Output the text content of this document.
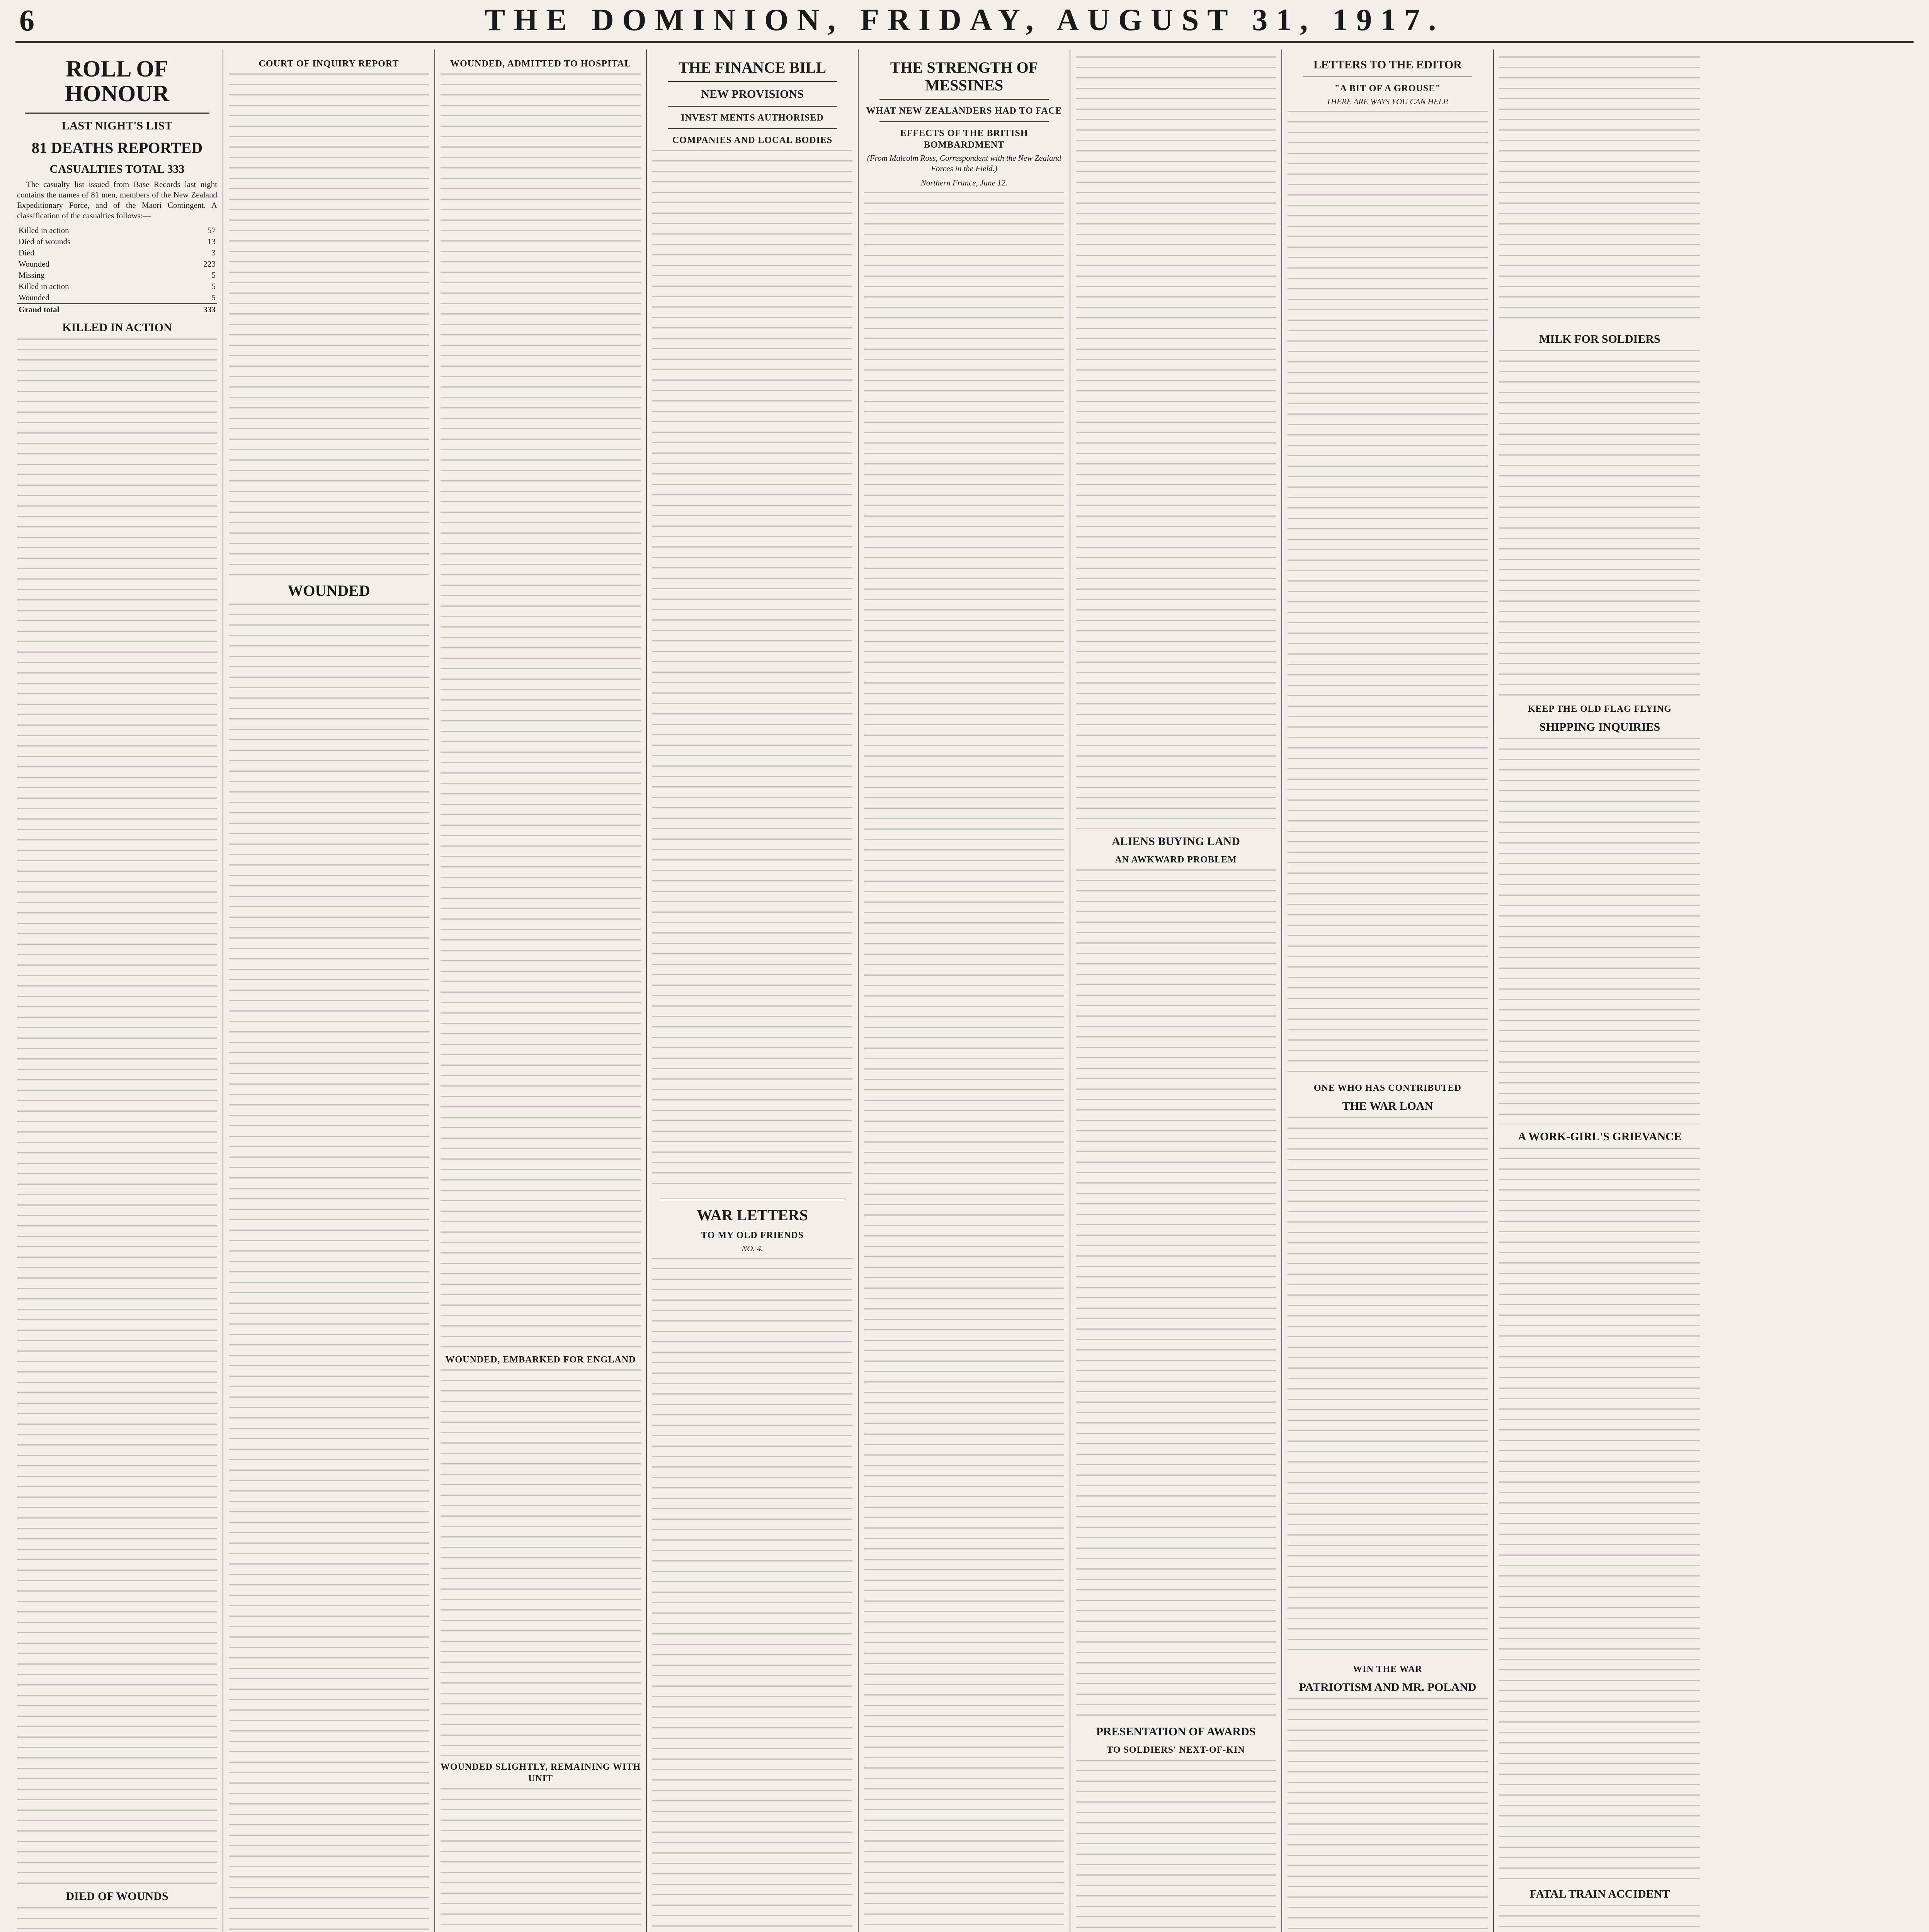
6	THE DOMINION, FRIDAY, AUGUST 31, 1917.
ROLL OF HONOUR
LAST NIGHT'S LIST
81 DEATHS REPORTED
CASUALTIES TOTAL 333

The casualty list issued from Base Records last night contains the names of 81 men, members of the New Zealand Expeditionary Force, and of the Maori Contingent. A classification of the casualties follows:—

Killed in action	57
Died of wounds	13
Died	3
Wounded	223
Missing	5
Killed in action	5
Wounded	5
Grand total	333
KILLED IN ACTION
DIED OF WOUNDS
COURT OF INQUIRY REPORT
WOUNDED
WOUNDED, ADMITTED TO HOSPITAL
WOUNDED, EMBARKED FOR ENGLAND
WOUNDED SLIGHTLY, REMAINING WITH UNIT
THE FINANCE BILL
NEW PROVISIONS
INVEST MENTS AUTHORISED
COMPANIES AND LOCAL BODIES
WAR LETTERS
TO MY OLD FRIENDS
NO. 4.
THE STRENGTH OF MESSINES
WHAT NEW ZEALANDERS HAD TO FACE
EFFECTS OF THE BRITISH BOMBARDMENT
(From Malcolm Ross, Correspondent with the New Zealand Forces in the Field.)
Northern France, June 12.
ALIENS BUYING LAND
AN AWKWARD PROBLEM
PRESENTATION OF AWARDS
TO SOLDIERS' NEXT-OF-KIN
LETTERS TO THE EDITOR
"A BIT OF A GROUSE"
THERE ARE WAYS YOU CAN HELP.
ONE WHO HAS CONTRIBUTED
THE WAR LOAN
WIN THE WAR
PATRIOTISM AND MR. POLAND
MILK FOR SOLDIERS
KEEP THE OLD FLAG FLYING
SHIPPING INQUIRIES
A WORK-GIRL'S GRIEVANCE
FATAL TRAIN ACCIDENT
